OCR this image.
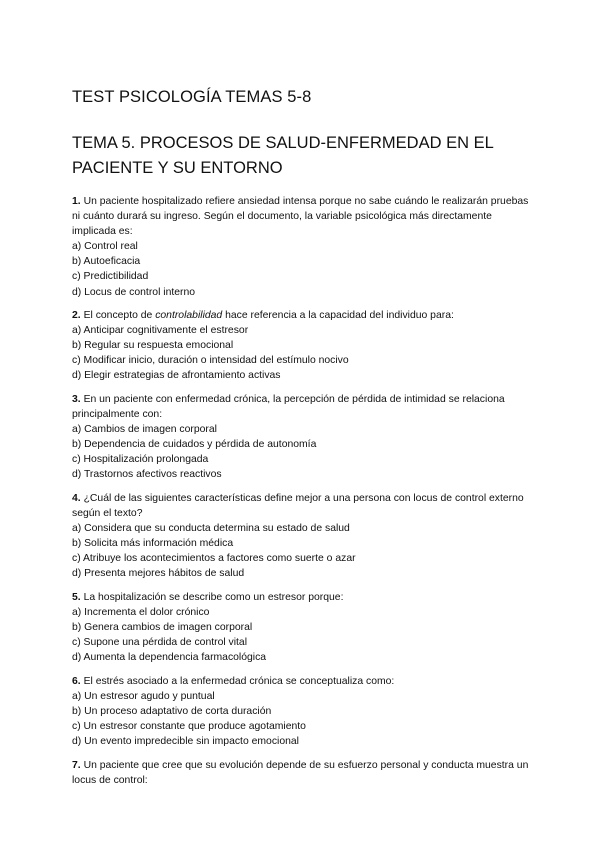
TEST PSICOLOGÍA TEMAS 5-8
TEMA 5. PROCESOS DE SALUD-ENFERMEDAD EN EL PACIENTE Y SU ENTORNO

1. Un paciente hospitalizado refiere ansiedad intensa porque no sabe cuándo le realizarán pruebas ni cuánto durará su ingreso. Según el documento, la variable psicológica más directamente implicada es:

a) Control real

b) Autoeficacia

c) Predictibilidad

d) Locus de control interno

2. El concepto de controlabilidad hace referencia a la capacidad del individuo para:

a) Anticipar cognitivamente el estresor

b) Regular su respuesta emocional

c) Modificar inicio, duración o intensidad del estímulo nocivo

d) Elegir estrategias de afrontamiento activas

3. En un paciente con enfermedad crónica, la percepción de pérdida de intimidad se relaciona principalmente con:

a) Cambios de imagen corporal

b) Dependencia de cuidados y pérdida de autonomía

c) Hospitalización prolongada

d) Trastornos afectivos reactivos

4. ¿Cuál de las siguientes características define mejor a una persona con locus de control externo según el texto?

a) Considera que su conducta determina su estado de salud

b) Solicita más información médica

c) Atribuye los acontecimientos a factores como suerte o azar

d) Presenta mejores hábitos de salud

5. La hospitalización se describe como un estresor porque:

a) Incrementa el dolor crónico

b) Genera cambios de imagen corporal

c) Supone una pérdida de control vital

d) Aumenta la dependencia farmacológica

6. El estrés asociado a la enfermedad crónica se conceptualiza como:

a) Un estresor agudo y puntual

b) Un proceso adaptativo de corta duración

c) Un estresor constante que produce agotamiento

d) Un evento impredecible sin impacto emocional

7. Un paciente que cree que su evolución depende de su esfuerzo personal y conducta muestra un locus de control:
